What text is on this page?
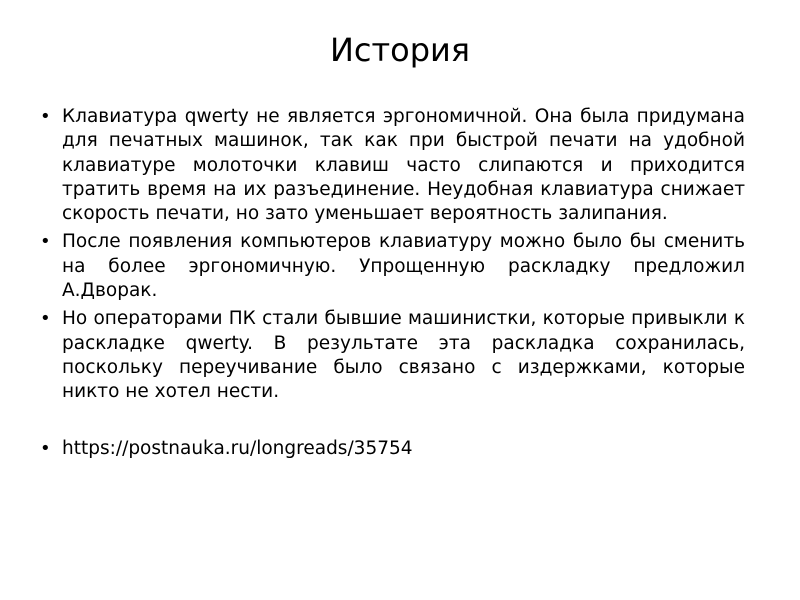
История
• Клавиатура qwerty не является эргономичной. Она была придумана для печатных машинок, так как при быстрой печати на удобной клавиатуре молоточки клавиш часто слипаются и приходится тратить время на их разъединение. Неудобная клавиатура снижает скорость печати, но зато уменьшает вероятность залипания.
• После появления компьютеров клавиатуру можно было бы сменить на более эргономичную. Упрощенную раскладку предложил А.Дворак.
• Но операторами ПК стали бывшие машинистки, которые привыкли к раскладке qwerty. В результате эта раскладка сохранилась, поскольку переучивание было связано с издержками, которые никто не хотел нести.
• https://postnauka.ru/longreads/35754
